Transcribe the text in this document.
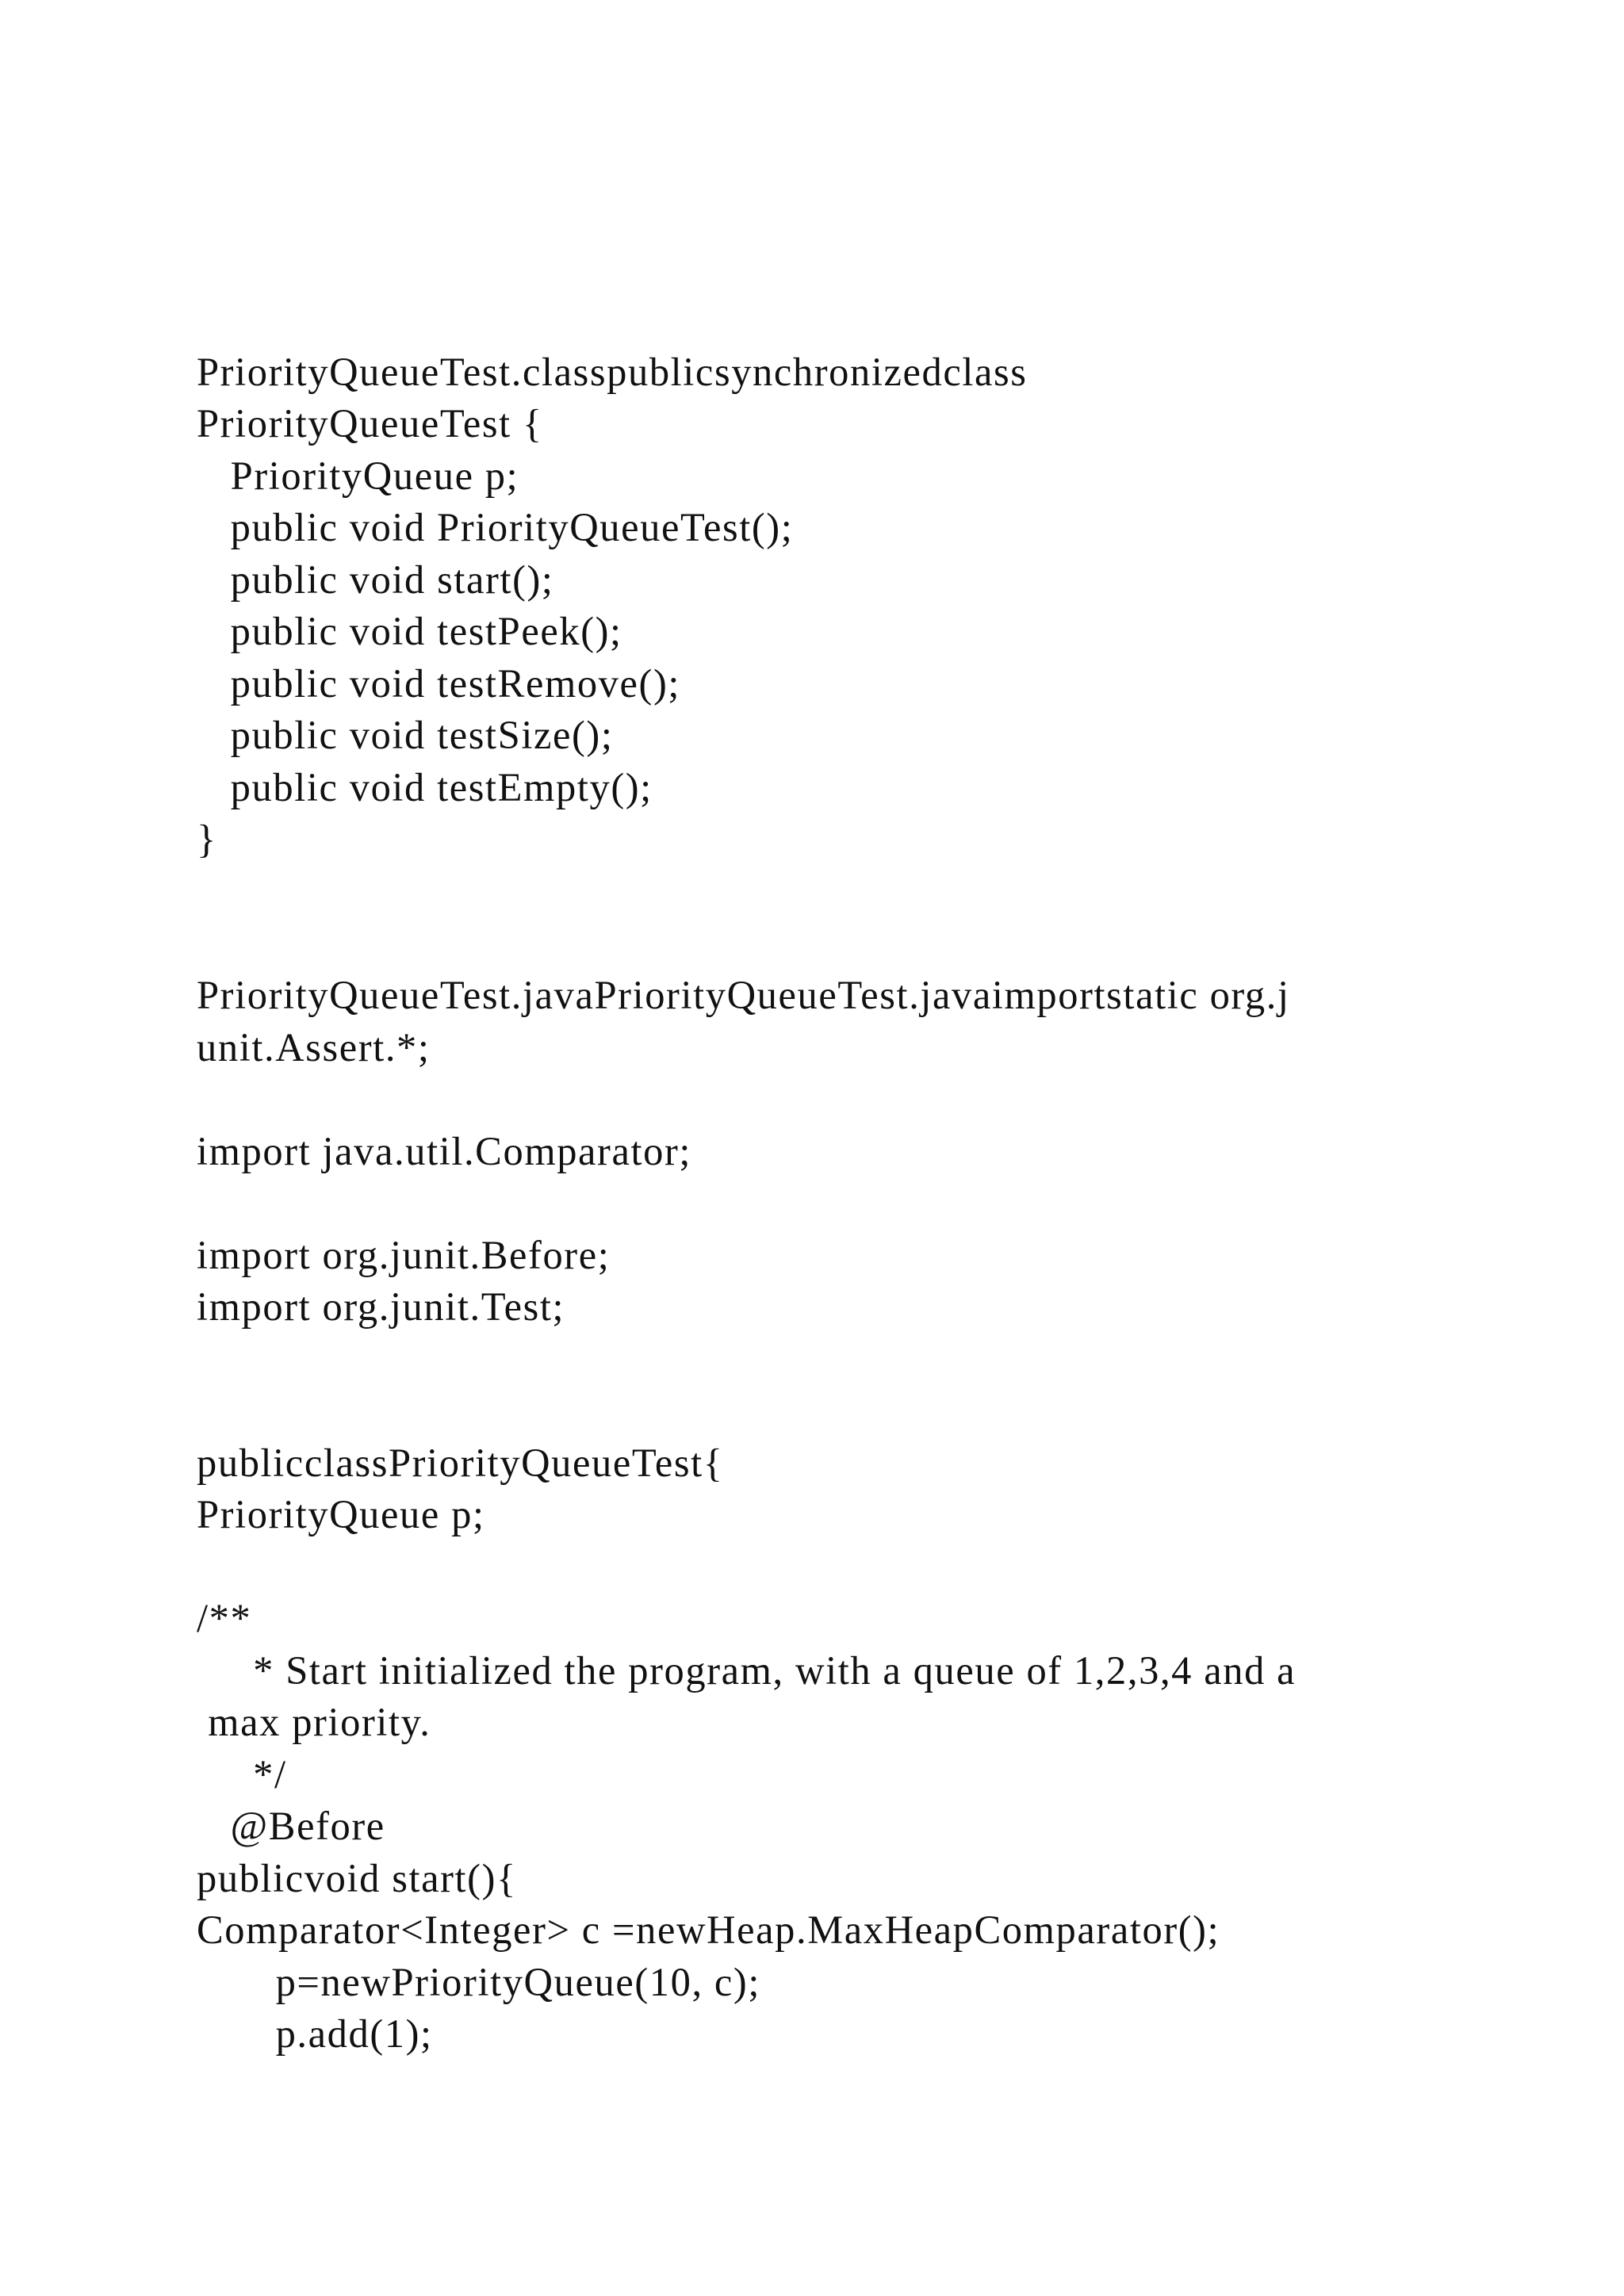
PriorityQueueTest.classpublicsynchronizedclass

PriorityQueueTest {

PriorityQueue p;

public void PriorityQueueTest();

public void start();

public void testPeek();

public void testRemove();

public void testSize();

public void testEmpty();

}

PriorityQueueTest.javaPriorityQueueTest.javaimportstatic org.j

unit.Assert.*;

import java.util.Comparator;

import org.junit.Before;

import org.junit.Test;

publicclassPriorityQueueTest{

PriorityQueue p;

/**

* Start initialized the program, with a queue of 1,2,3,4 and a

max priority.

*/

@Before

publicvoid start(){

Comparator<Integer> c =newHeap.MaxHeapComparator();

p=newPriorityQueue(10, c);

p.add(1);
